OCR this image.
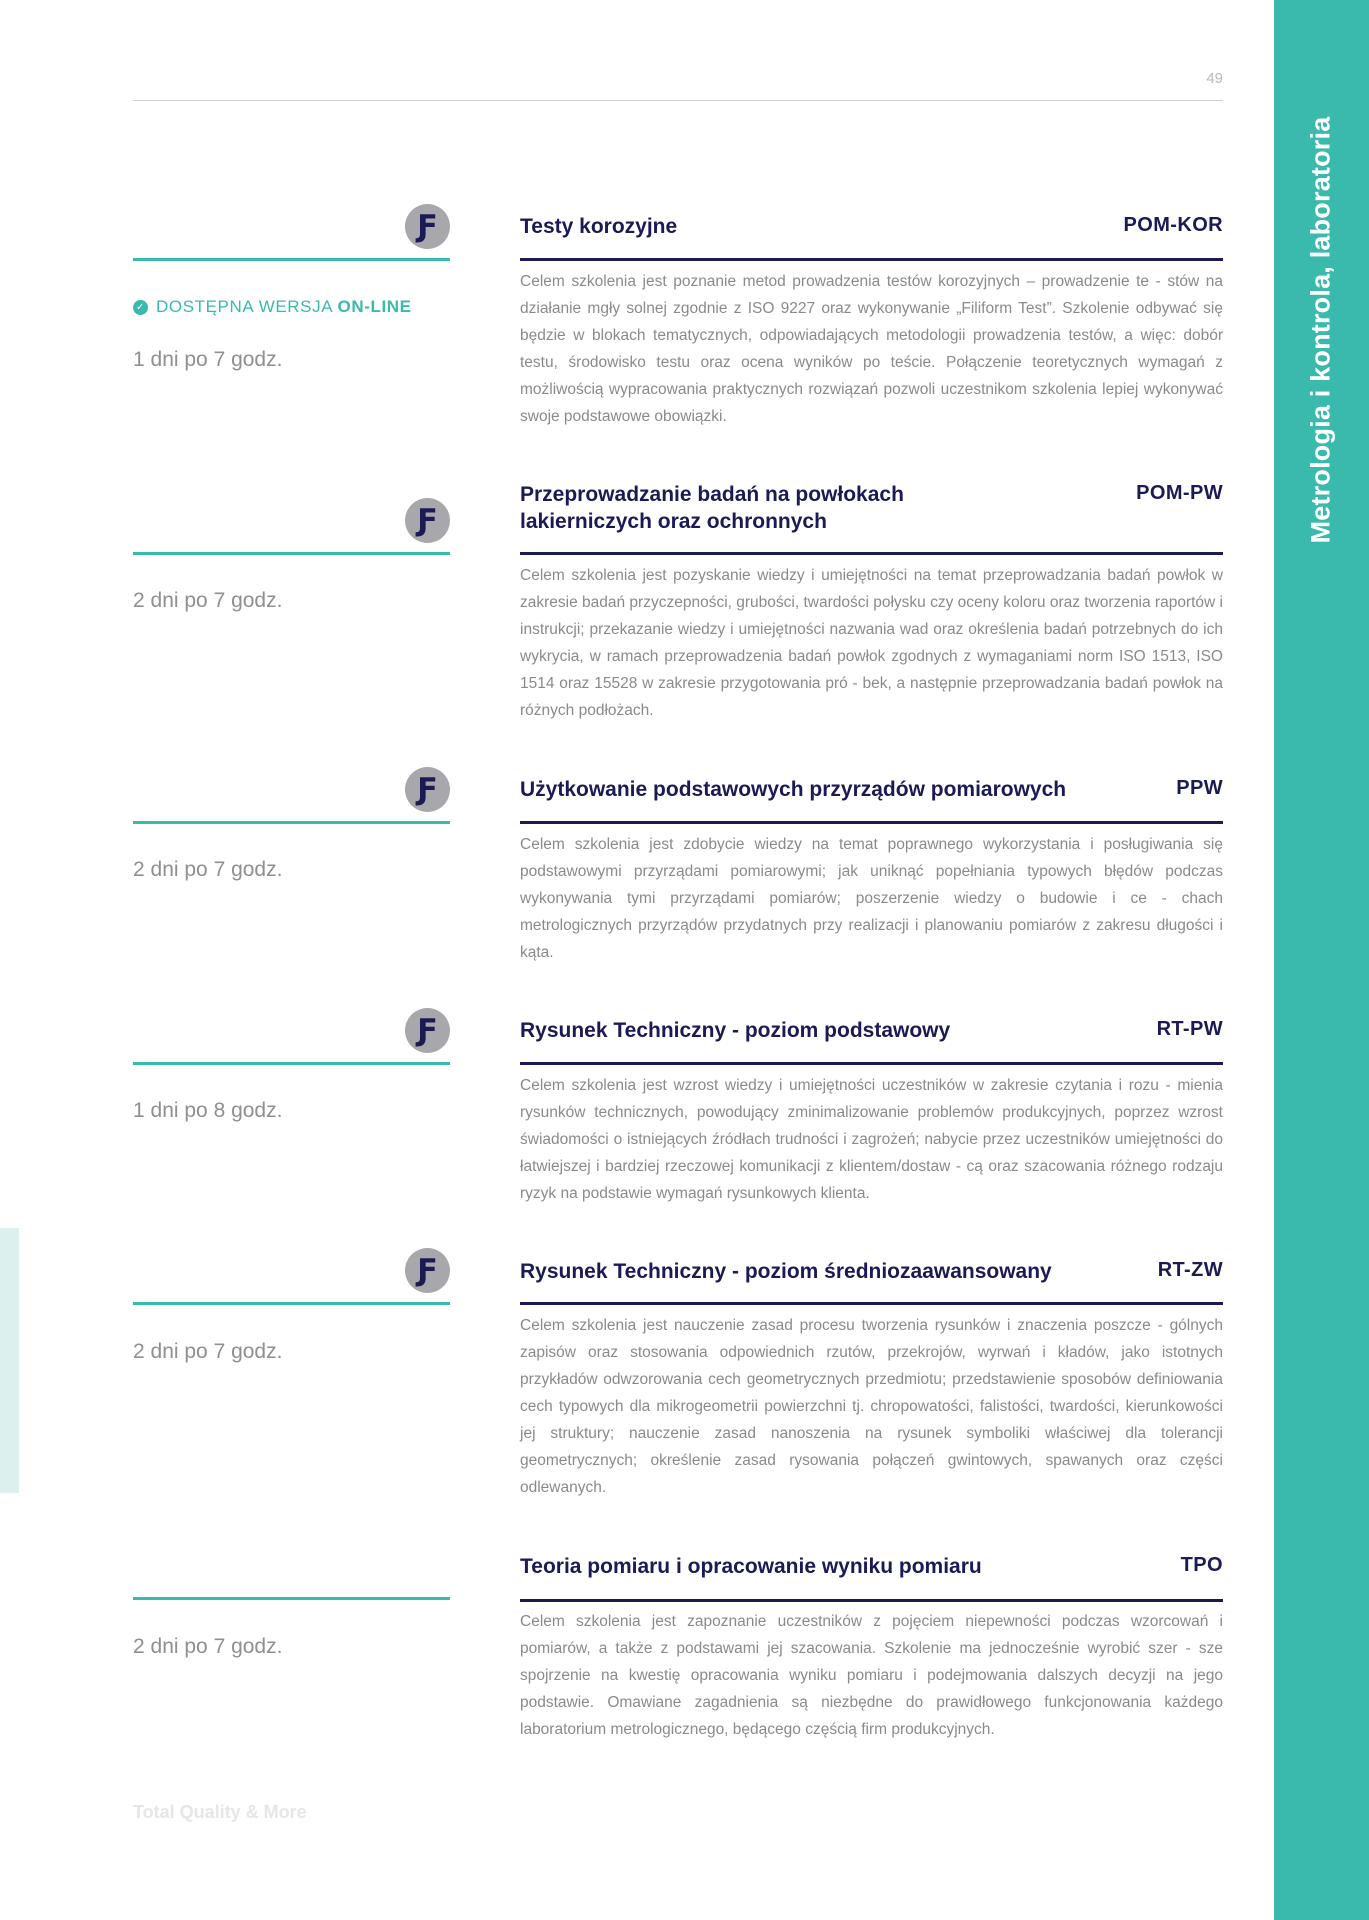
Metrologia i kontrola, laboratoria
49
Ƒ
✓ DOSTĘPNA WERSJA ON-LINE
1 dni po 7 godz.
Testy korozyjne	POM-KOR
Celem szkolenia jest poznanie metod prowadzenia testów korozyjnych – prowadzenie te - stów na działanie mgły solnej zgodnie z ISO 9227 oraz wykonywanie „Filiform Test”. Szkolenie odbywać się będzie w blokach tematycznych, odpowiadających metodologii prowadzenia testów, a więc: dobór testu, środowisko testu oraz ocena wyników po teście. Połączenie teoretycznych wymagań z możliwością wypracowania praktycznych rozwiązań pozwoli uczestnikom szkolenia lepiej wykonywać swoje podstawowe obowiązki.
Ƒ
2 dni po 7 godz.
Przeprowadzanie badań na powłokach lakierniczych oraz ochronnych
POM-PW
Celem szkolenia jest pozyskanie wiedzy i umiejętności na temat przeprowadzania badań powłok w zakresie badań przyczepności, grubości, twardości połysku czy oceny koloru oraz tworzenia raportów i instrukcji; przekazanie wiedzy i umiejętności nazwania wad oraz określenia badań potrzebnych do ich wykrycia, w ramach przeprowadzenia badań powłok zgodnych z wymaganiami norm ISO 1513, ISO 1514 oraz 15528 w zakresie przygotowania pró - bek, a następnie przeprowadzania badań powłok na różnych podłożach.
Ƒ
2 dni po 7 godz.
Użytkowanie podstawowych przyrządów pomiarowych	PPW
Celem szkolenia jest zdobycie wiedzy na temat poprawnego wykorzystania i posługiwania się podstawowymi przyrządami pomiarowymi; jak uniknąć popełniania typowych błędów podczas wykonywania tymi przyrządami pomiarów; poszerzenie wiedzy o budowie i ce - chach metrologicznych przyrządów przydatnych przy realizacji i planowaniu pomiarów z zakresu długości i kąta.
Ƒ
1 dni po 8 godz.
Rysunek Techniczny - poziom podstawowy	RT-PW
Celem szkolenia jest wzrost wiedzy i umiejętności uczestników w zakresie czytania i rozu - mienia rysunków technicznych, powodujący zminimalizowanie problemów produkcyjnych, poprzez wzrost świadomości o istniejących źródłach trudności i zagrożeń; nabycie przez uczestników umiejętności do łatwiejszej i bardziej rzeczowej komunikacji z klientem/dostaw - cą oraz szacowania różnego rodzaju ryzyk na podstawie wymagań rysunkowych klienta.
Ƒ
2 dni po 7 godz.
Rysunek Techniczny - poziom średniozaawansowany	RT-ZW
Celem szkolenia jest nauczenie zasad procesu tworzenia rysunków i znaczenia poszcze - gólnych zapisów oraz stosowania odpowiednich rzutów, przekrojów, wyrwań i kładów, jako istotnych przykładów odwzorowania cech geometrycznych przedmiotu; przedstawienie sposobów definiowania cech typowych dla mikrogeometrii powierzchni tj. chropowatości, falistości, twardości, kierunkowości jej struktury; nauczenie zasad nanoszenia na rysunek symboliki właściwej dla tolerancji geometrycznych; określenie zasad rysowania połączeń gwintowych, spawanych oraz części odlewanych.
2 dni po 7 godz.
Teoria pomiaru i opracowanie wyniku pomiaru	TPO
Celem szkolenia jest zapoznanie uczestników z pojęciem niepewności podczas wzorcowań i pomiarów, a także z podstawami jej szacowania. Szkolenie ma jednocześnie wyrobić szer - sze spojrzenie na kwestię opracowania wyniku pomiaru i podejmowania dalszych decyzji na jego podstawie. Omawiane zagadnienia są niezbędne do prawidłowego funkcjonowania każdego laboratorium metrologicznego, będącego częścią firm produkcyjnych.
Total Quality & More
